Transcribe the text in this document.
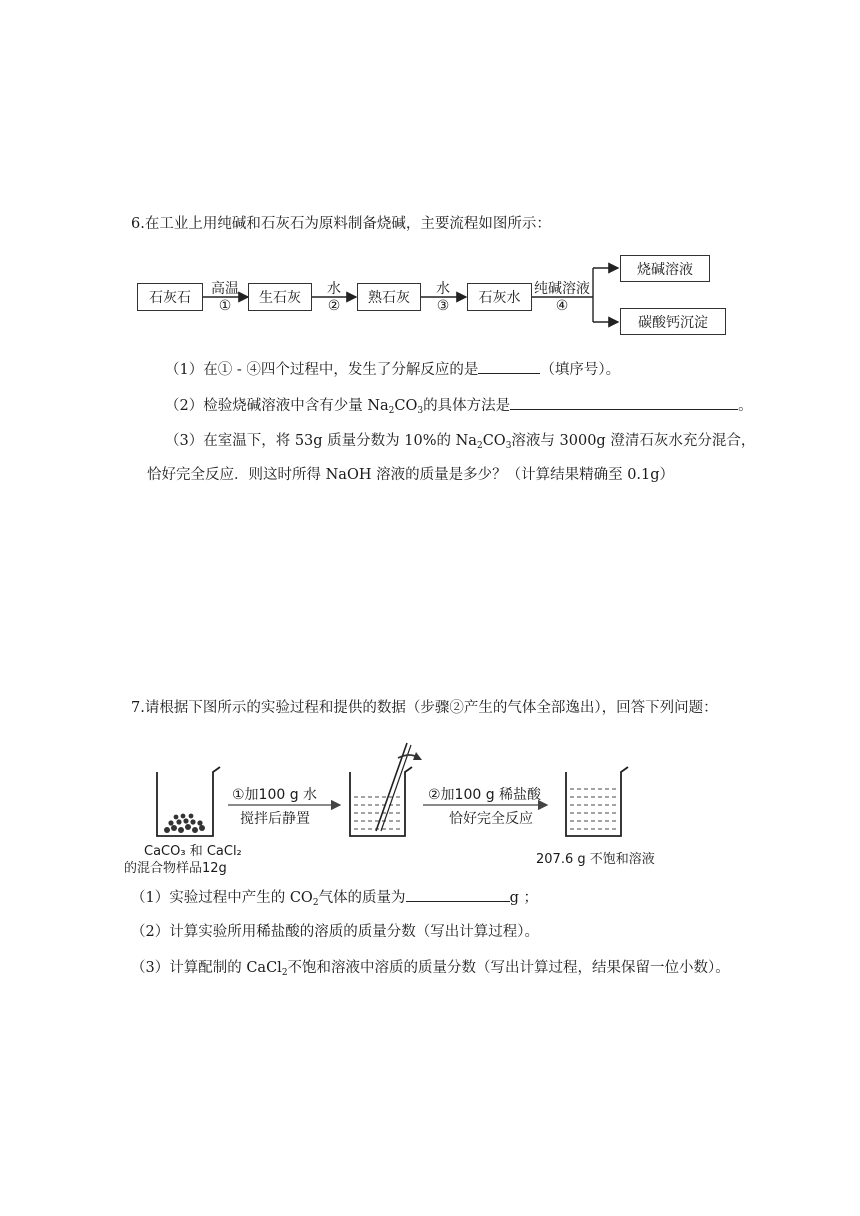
6.在工业上用纯碱和石灰石为原料制备烧碱，主要流程如图所示：
石灰石	生石灰	熟石灰	石灰水
烧碱溶液
碳酸钙沉淀
高温
①
水
②
水
③
纯碱溶液
④
（1）在① - ④四个过程中，发生了分解反应的是	（填序号）。
（2）检验烧碱溶液中含有少量 $Na_2CO_3$的具体方法是	。
（3）在室温下，将 53g 质量分数为 10%的 $Na_2CO_3$溶液与 3000g 澄清石灰水充分混合，
恰好完全反应．则这时所得 NaOH 溶液的质量是多少？（计算结果精确至 0.1g）
7.请根据下图所示的实验过程和提供的数据（步骤②产生的气体全部逸出），回答下列问题：
①加100 g 水
搅拌后静置
②加100 g 稀盐酸
恰好完全反应
CaCO₃ 和 CaCl₂
的混合物样品12g
207.6 g 不饱和溶液
（1）实验过程中产生的 $CO_2$气体的质量为	g ；
（2）计算实验所用稀盐酸的溶质的质量分数（写出计算过程）。
（3）计算配制的 CaCl$_2$不饱和溶液中溶质的质量分数（写出计算过程，结果保留一位小数）。
